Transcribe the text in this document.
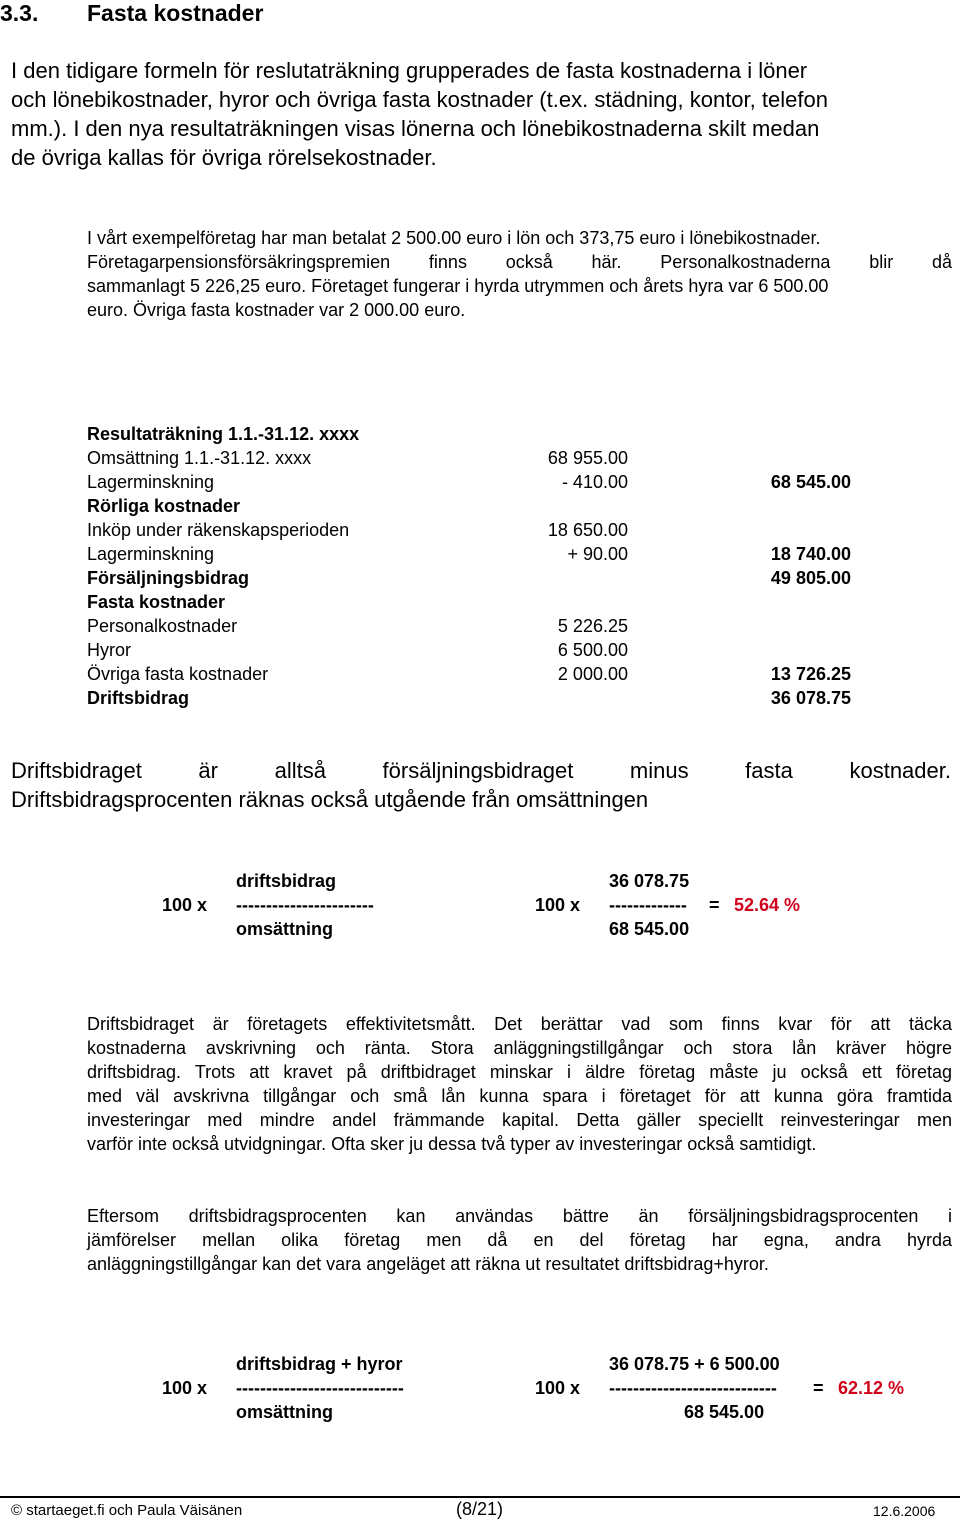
3.3. Fasta kostnader
I den tidigare formeln för reslutaträkning grupperades de fasta kostnaderna i löner
och lönebikostnader, hyror och övriga fasta kostnader (t.ex. städning, kontor, telefon
mm.). I den nya resultaträkningen visas lönerna och lönebikostnaderna skilt medan
de övriga kallas för övriga rörelsekostnader.
I vårt exempelföretag har man betalat 2 500.00 euro i lön och 373,75 euro i lönebikostnader.
Företagarpensionsförsäkringspremien finns också här. Personalkostnaderna blir då
sammanlagt 5 226,25 euro. Företaget fungerar i hyrda utrymmen och årets hyra var 6 500.00
euro. Övriga fasta kostnader var 2 000.00 euro.
Resultaträkning 1.1.-31.12. xxxx
Omsättning 1.1.-31.12. xxxx	68 955.00
Lagerminskning	- 410.00	68 545.00
Rörliga kostnader
Inköp under räkenskapsperioden	18 650.00
Lagerminskning	+ 90.00	18 740.00
Försäljningsbidrag	49 805.00
Fasta kostnader
Personalkostnader	5 226.25
Hyror	6 500.00
Övriga fasta kostnader	2 000.00	13 726.25
Driftsbidrag	36 078.75
Driftsbidraget är alltså försäljningsbidraget minus fasta kostnader.
Driftsbidragsprocenten räknas också utgående från omsättningen
driftsbidrag
100 x -----------------------
omsättning
36 078.75
100 x ------------- = 52.64 %
68 545.00
Driftsbidraget är företagets effektivitetsmått. Det berättar vad som finns kvar för att täcka
kostnaderna avskrivning och ränta. Stora anläggningstillgångar och stora lån kräver högre
driftsbidrag. Trots att kravet på driftbidraget minskar i äldre företag måste ju också ett företag
med väl avskrivna tillgångar och små lån kunna spara i företaget för att kunna göra framtida
investeringar med mindre andel främmande kapital. Detta gäller speciellt reinvesteringar men
varför inte också utvidgningar. Ofta sker ju dessa två typer av investeringar också samtidigt.
Eftersom driftsbidragsprocenten kan användas bättre än försäljningsbidragsprocenten i
jämförelser mellan olika företag men då en del företag har egna, andra hyrda
anläggningstillgångar kan det vara angeläget att räkna ut resultatet driftsbidrag+hyror.
driftsbidrag + hyror
100 x ----------------------------
omsättning
36 078.75 + 6 500.00
100 x ---------------------------- = 62.12 %
68 545.00
© startaeget.fi och Paula Väisänen	(8/21)	12.6.2006
